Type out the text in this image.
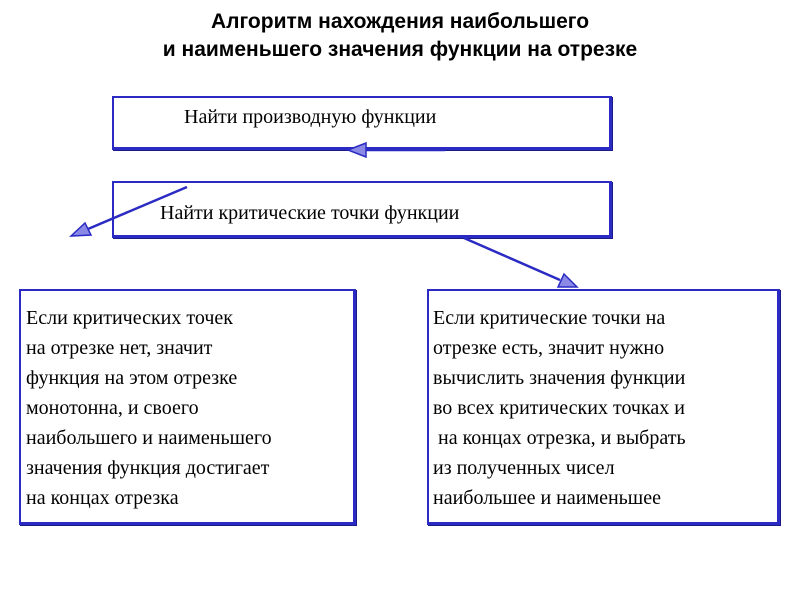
Алгоритм нахождения наибольшего
и наименьшего значения функции на отрезке
Найти производную функции
Найти критические точки функции
Если критических точек
на отрезке нет, значит
функция на этом отрезке
монотонна, и своего
наибольшего и наименьшего
значения функция достигает
на концах отрезка
Если критические точки на
отрезке есть, значит нужно
вычислить значения функции
во всех критических точках и
на концах отрезка, и выбрать
из полученных чисел
наибольшее и наименьшее
